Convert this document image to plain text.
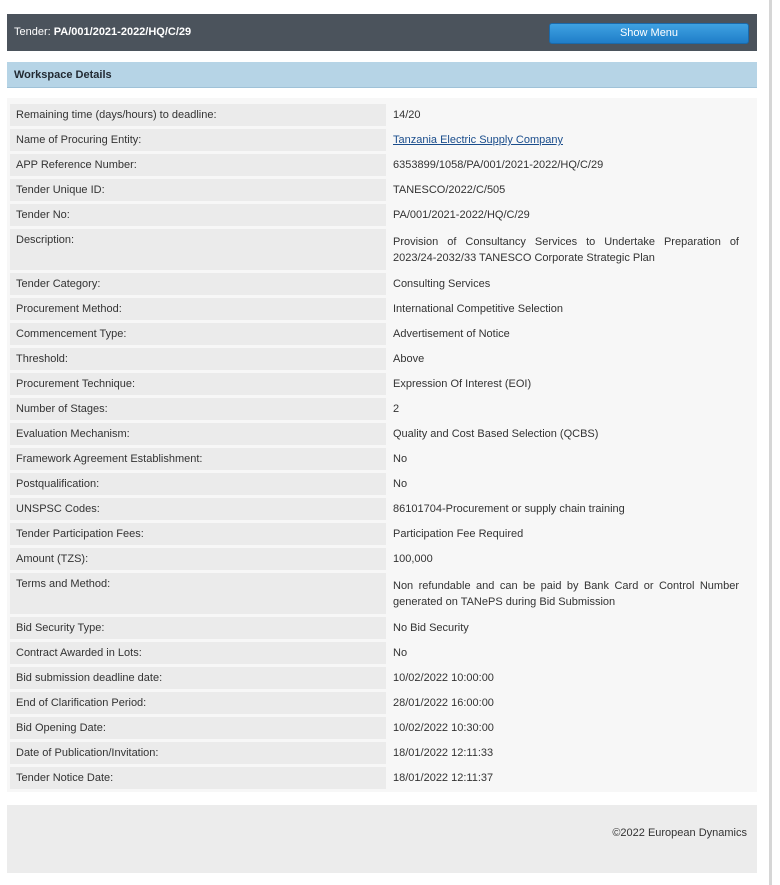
Tender: PA/001/2021-2022/HQ/C/29	Show Menu
Workspace Details
Remaining time (days/hours) to deadline:	14/20
Name of Procuring Entity:	Tanzania Electric Supply Company
APP Reference Number:	6353899/1058/PA/001/2021-2022/HQ/C/29
Tender Unique ID:	TANESCO/2022/C/505
Tender No:	PA/001/2021-2022/HQ/C/29
Description:	Provision of Consultancy Services to Undertake Preparation of 2023/24-2032/33 TANESCO Corporate Strategic Plan
Tender Category:	Consulting Services
Procurement Method:	International Competitive Selection
Commencement Type:	Advertisement of Notice
Threshold:	Above
Procurement Technique:	Expression Of Interest (EOI)
Number of Stages:	2
Evaluation Mechanism:	Quality and Cost Based Selection (QCBS)
Framework Agreement Establishment:	No
Postqualification:	No
UNSPSC Codes:	86101704-Procurement or supply chain training
Tender Participation Fees:	Participation Fee Required
Amount (TZS):	100,000
Terms and Method:	Non refundable and can be paid by Bank Card or Control Number generated on TANePS during Bid Submission
Bid Security Type:	No Bid Security
Contract Awarded in Lots:	No
Bid submission deadline date:	10/02/2022 10:00:00
End of Clarification Period:	28/01/2022 16:00:00
Bid Opening Date:	10/02/2022 10:30:00
Date of Publication/Invitation:	18/01/2022 12:11:33
Tender Notice Date:	18/01/2022 12:11:37
©2022 European Dynamics
